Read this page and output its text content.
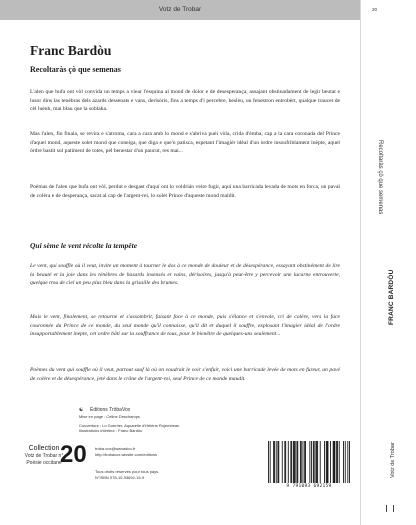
Votz de Trobar	20
Recoltaràs çò que semenas
FRANC BARDÒU
Votz de Trobar
Franc Bardòu
Recoltaràs çò que semenas

L'alen que bufa ont vòl convida un temps a viear l'esquina al mond de dolor e de desesperança, assajant obstinadament de legir beutat e lusor dins las tenèbras dels azards dessenats e vans, derisòris, fins a temps d'i percebre, beslèu, un fenestron entrobèrt, qualque traucet de cèl luènh, mai blau que la soblaha.

Mas l'alen, fin finala, se revira e s'atroma, cara a cara amb lo mond e s'abriva puèi vòla, crida d'èmba, cap a la cara coronada del Prince d'aquel mond, aqueste solet mond que coneiga, que diga e que'n patisca, espetant l'imagièr idèal d'un òrdre insoufriblament inèpte, aquel òrdre bastit sul patiment de totes, pel benestar d'un paucut, res mai...

Poèmas de l'alen que bufa ont vòl, perdut e desgast d'aquí ont lo voldrián veire fugir, aquí una barricada levada de mots en forca, un paval de colèra e de desperança, sacat al cap de l'argent-rei, lo solet Prince d'aqueste mond maldit.

Qui sème le vent récolte la tempête

Le vent, qui souffle où il veut, invite un moment à tourner le dos à ce monde de douleur et de désespérance, essayant obstinément de lire la beauté et la joie dans les ténèbres de hasards insensés et vains, dérisoires, jusqu'à peut-être y percevoir une lucarne entrouverte, quelque trou de ciel un peu plus bleu dans la grisaille des brumes.

Mais le vent, finalement, se retourne et s'assombrit, faisant face à ce monde, puis s'élance et s'envole, cri de colère, vers la face couronnée du Prince de ce monde, du seul monde qu'il connaisse, qu'il dit et duquel il souffre, explosant l'imagier idéal de l'ordre insupportablement inepte, cet ordre bâti sur la souffrance de tous, pour le bienêtre de quelques-uns seulement...

Poèmes du vent qui souffle où il veut, partout sauf là où on voudrait le voir s'enfuir, voici une barricade levée de mots en fureur, un pavé de colère et de désespérance, jeté dans le crâne de l'argent-roi, seul Prince de ce monde maudit.

☯ Éditions TròbaVox
Mise en page : Céline Deschamps
Couverture : Lo Guerrier, Aquarelle d'Hélène Rojembeau
Illustrations intérieur : Franc Bardòu
Collection
Votz de Trobar n°
Poèsie occitane
20 tròba.vox@wanadoo.fr
http://trobavox.wixsite.com/editions
Tous droits réservés pour tous pays.
N°ISBN 978-10-93692-15-9
9 791093 692159
